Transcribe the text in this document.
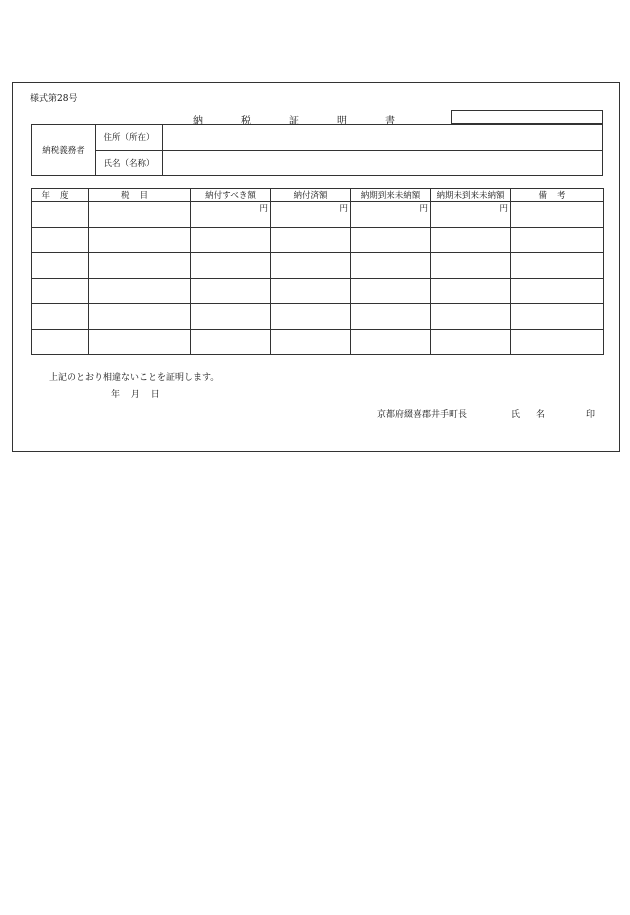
様式第28号
納税証明書
納税義務者	住所（所在）	
	氏名（名称）	
年度	税目	納付すべき額	納付済額	納期到来未納額	納期未到来未納額	備考
		円	円	円	円	

上記のとおり相違ないことを証明します。
年 月 日
京都府綴喜郡井手町長	氏名	印
